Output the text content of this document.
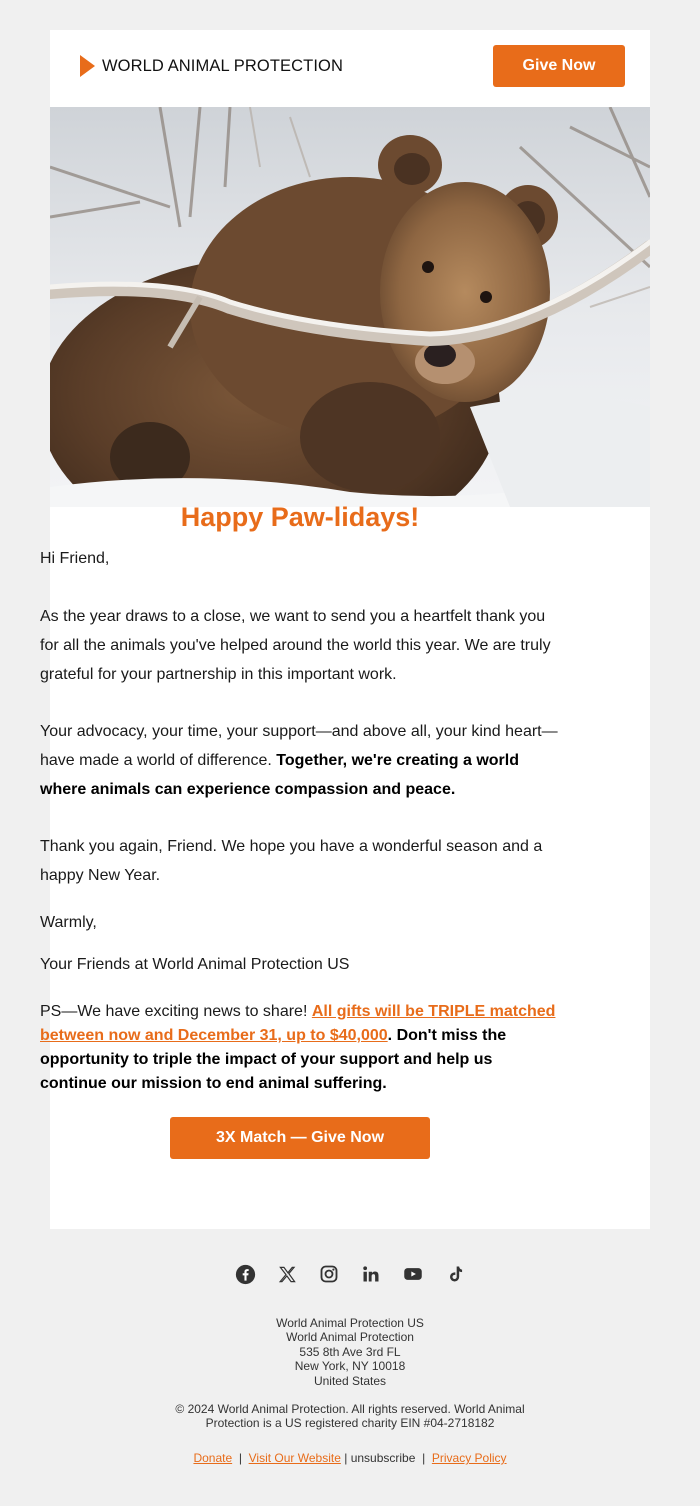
WORLD ANIMAL PROTECTION	Give Now
Happy Paw-lidays!
Hi Friend,
As the year draws to a close, we want to send you a heartfelt thank you for all the animals you've helped around the world this year. We are truly grateful for your partnership in this important work.
Your advocacy, your time, your support—and above all, your kind heart—have made a world of difference. Together, we're creating a world where animals can experience compassion and peace.
Thank you again, Friend. We hope you have a wonderful season and a happy New Year.
Warmly,
Your Friends at World Animal Protection US
PS—We have exciting news to share! All gifts will be TRIPLE matched between now and December 31, up to $40,000. Don't miss the opportunity to triple the impact of your support and help us continue our mission to end animal suffering.
3X Match — Give Now
World Animal Protection US
World Animal Protection
535 8th Ave 3rd FL
New York, NY 10018
United States
© 2024 World Animal Protection. All rights reserved. World Animal Protection is a US registered charity EIN #04-2718182
Donate | Visit Our Website | unsubscribe | Privacy Policy
